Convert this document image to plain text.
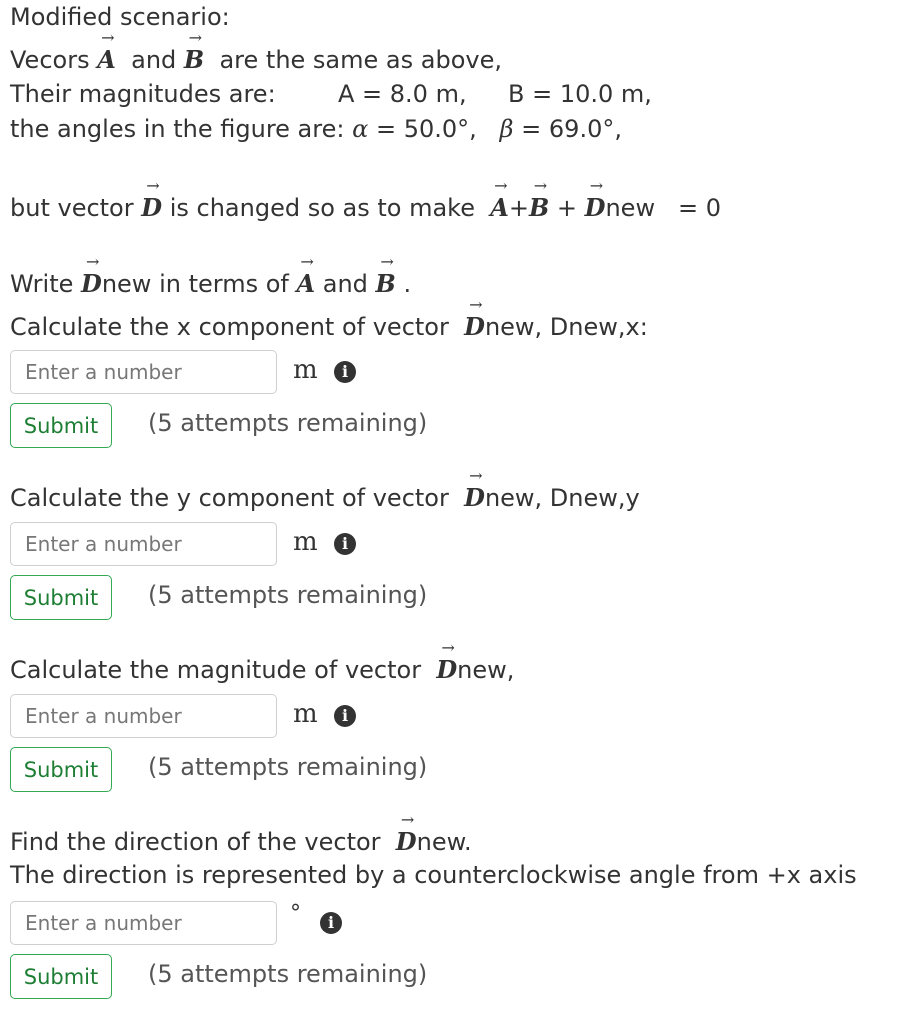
Modified scenario:
Vecors A
→
and B
→
are the same as above,
Their magnitudes are:	A = 8.0 m, B = 10.0 m,
the angles in the figure are: α = 50.0°, β = 69.0°,
but vector D
→
is changed so as to make A
→
+B
→
+ D
→
new = 0
Write D
→
new in terms of A
→
and B
→
.
Calculate the x component of vector D
→
new, Dnew,x:
Enter a number
m	i
Submit	(5 attempts remaining)
Calculate the y component of vector D
→
new, Dnew,y
Enter a number
m	i
Submit	(5 attempts remaining)
Calculate the magnitude of vector D
→
new,
Enter a number
m	i
Submit	(5 attempts remaining)
Find the direction of the vector D
→
new.
The direction is represented by a counterclockwise angle from +x axis
Enter a number
°	i
Submit	(5 attempts remaining)
